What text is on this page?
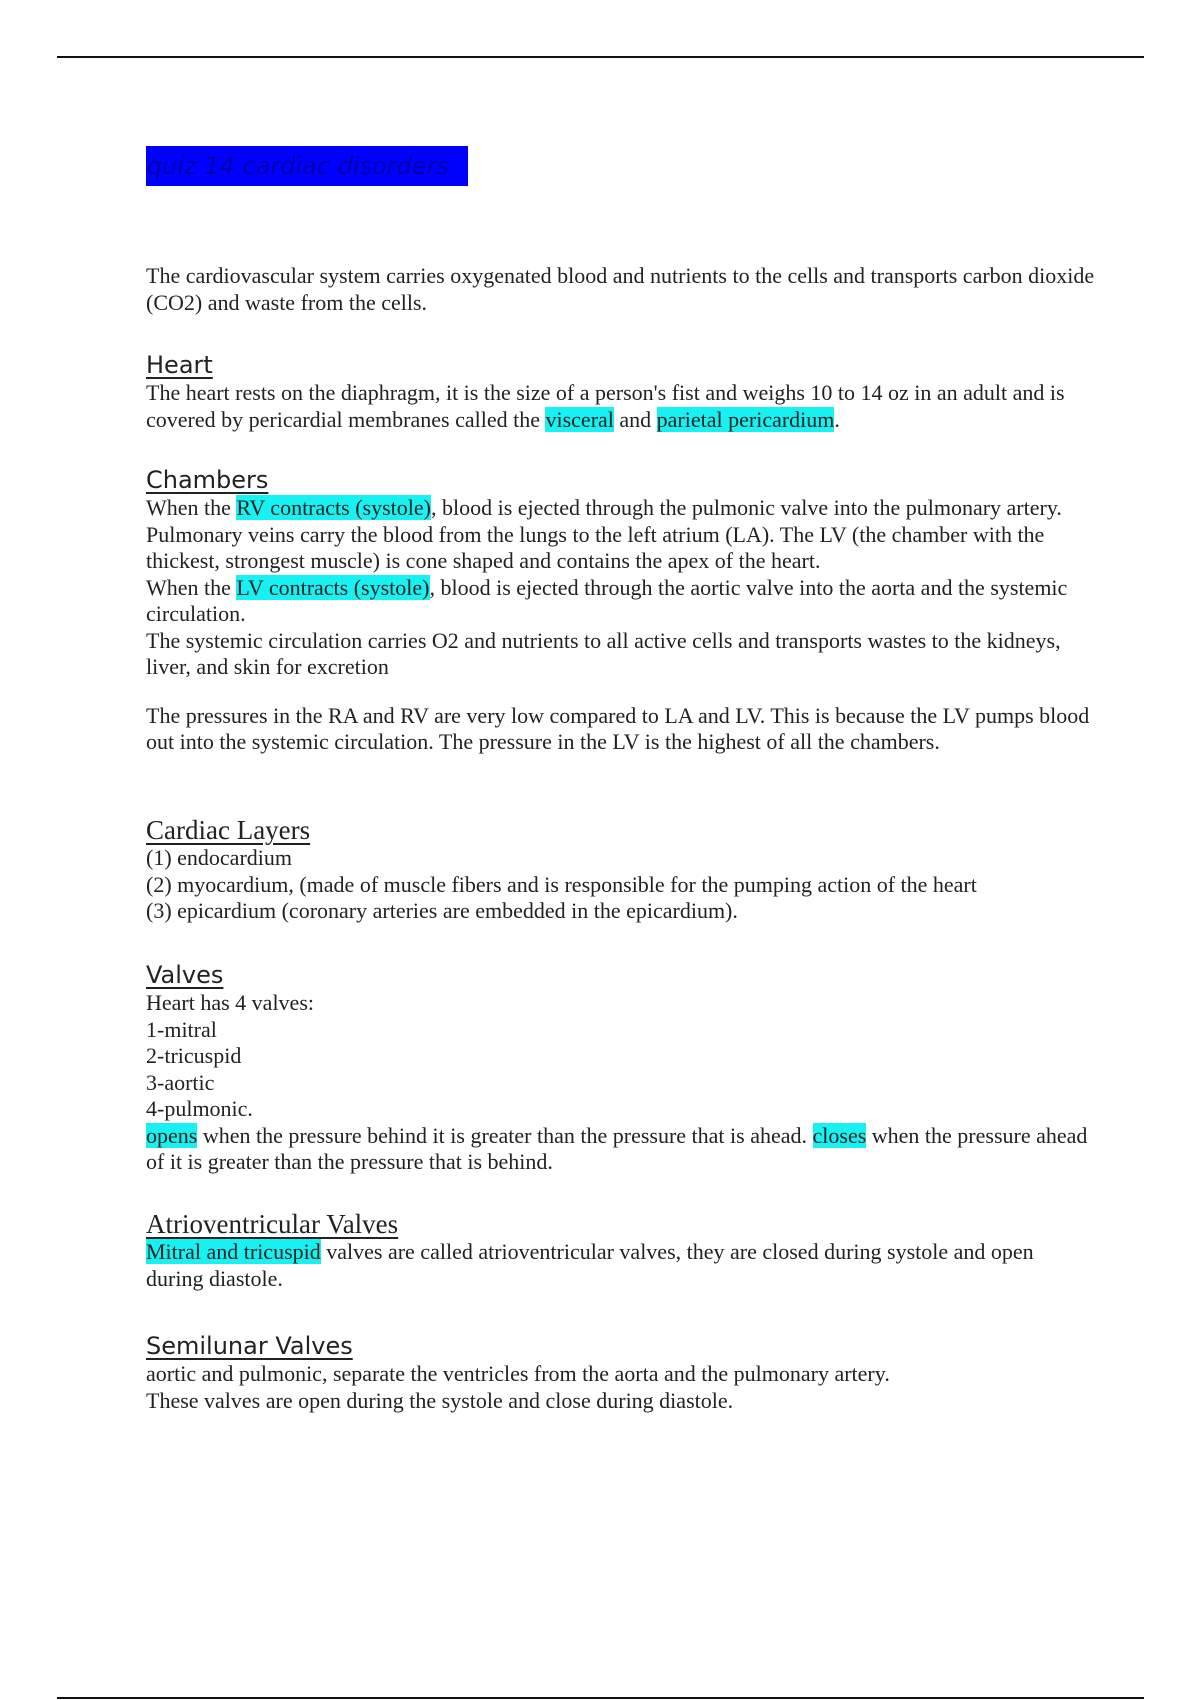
quiz 14 cardiac disorders

The cardiovascular system carries oxygenated blood and nutrients to the cells and transports carbon dioxide (CO2) and waste from the cells.

Heart

The heart rests on the diaphragm, it is the size of a person's fist and weighs 10 to 14 oz in an adult and is covered by pericardial membranes called the visceral and parietal pericardium.

Chambers

When the RV contracts (systole), blood is ejected through the pulmonic valve into the pulmonary artery. Pulmonary veins carry the blood from the lungs to the left atrium (LA). The LV (the chamber with the thickest, strongest muscle) is cone shaped and contains the apex of the heart.

When the LV contracts (systole), blood is ejected through the aortic valve into the aorta and the systemic circulation.

The systemic circulation carries O2 and nutrients to all active cells and transports wastes to the kidneys, liver, and skin for excretion

The pressures in the RA and RV are very low compared to LA and LV. This is because the LV pumps blood out into the systemic circulation. The pressure in the LV is the highest of all the chambers.

Cardiac Layers

(1) endocardium

(2) myocardium, (made of muscle fibers and is responsible for the pumping action of the heart

(3) epicardium (coronary arteries are embedded in the epicardium).

Valves

Heart has 4 valves:

1-mitral

2-tricuspid

3-aortic

4-pulmonic.

opens when the pressure behind it is greater than the pressure that is ahead. closes when the pressure ahead of it is greater than the pressure that is behind.

Atrioventricular Valves

Mitral and tricuspid valves are called atrioventricular valves, they are closed during systole and open during diastole.

Semilunar Valves

aortic and pulmonic, separate the ventricles from the aorta and the pulmonary artery.

These valves are open during the systole and close during diastole.
